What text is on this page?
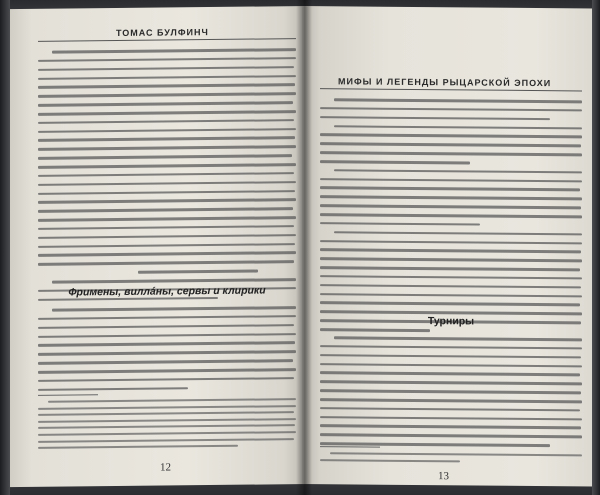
ТОМАС БУЛФИНЧ
Фримены, виллáны, сервы и клирики
12
МИФЫ И ЛЕГЕНДЫ РЫЦАРСКОЙ ЭПОХИ
Турниры
13
